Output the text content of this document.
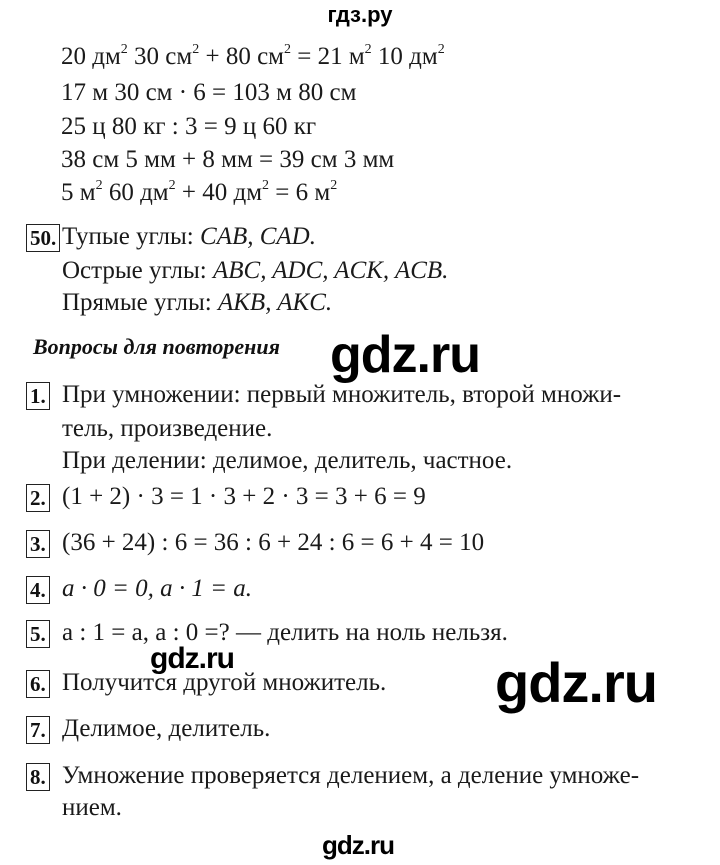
гдз.ру
20 $дм^2$ 30 $см^2 + 80$ $см^2 = 21$ $м^2$ 10 $дм^2$
17 м 30 см · 6 = 103 м 80 см
25 ц 80 кг : 3 = 9 ц 60 кг
38 см 5 мм + 8 мм = 39 см 3 мм
5 $м^2$ 60 $дм^2 + 40$ $дм^2 = 6$ $м^2$
50. Тупые углы: CAB, CAD.
Острые углы: ABC, ADC, ACK, ACB.
Прямые углы: AKB, AKC.
Вопросы для повторения
1. При умножении: первый множитель, второй множи-
тель, произведение.
При делении: делимое, делитель, частное.
2. (1 + 2) · 3 = 1 · 3 + 2 · 3 = 3 + 6 = 9
3. (36 + 24) : 6 = 36 : 6 + 24 : 6 = 6 + 4 = 10
4. a · 0 = 0, a · 1 = a.
5. a : 1 = a, a : 0 =? — делить на ноль нельзя.
6. Получится другой множитель.
7. Делимое, делитель.
8. Умножение проверяется делением, а деление умноже-
нием.
gdz.ru
gdz.ru	gdz.ru
gdz.ru
